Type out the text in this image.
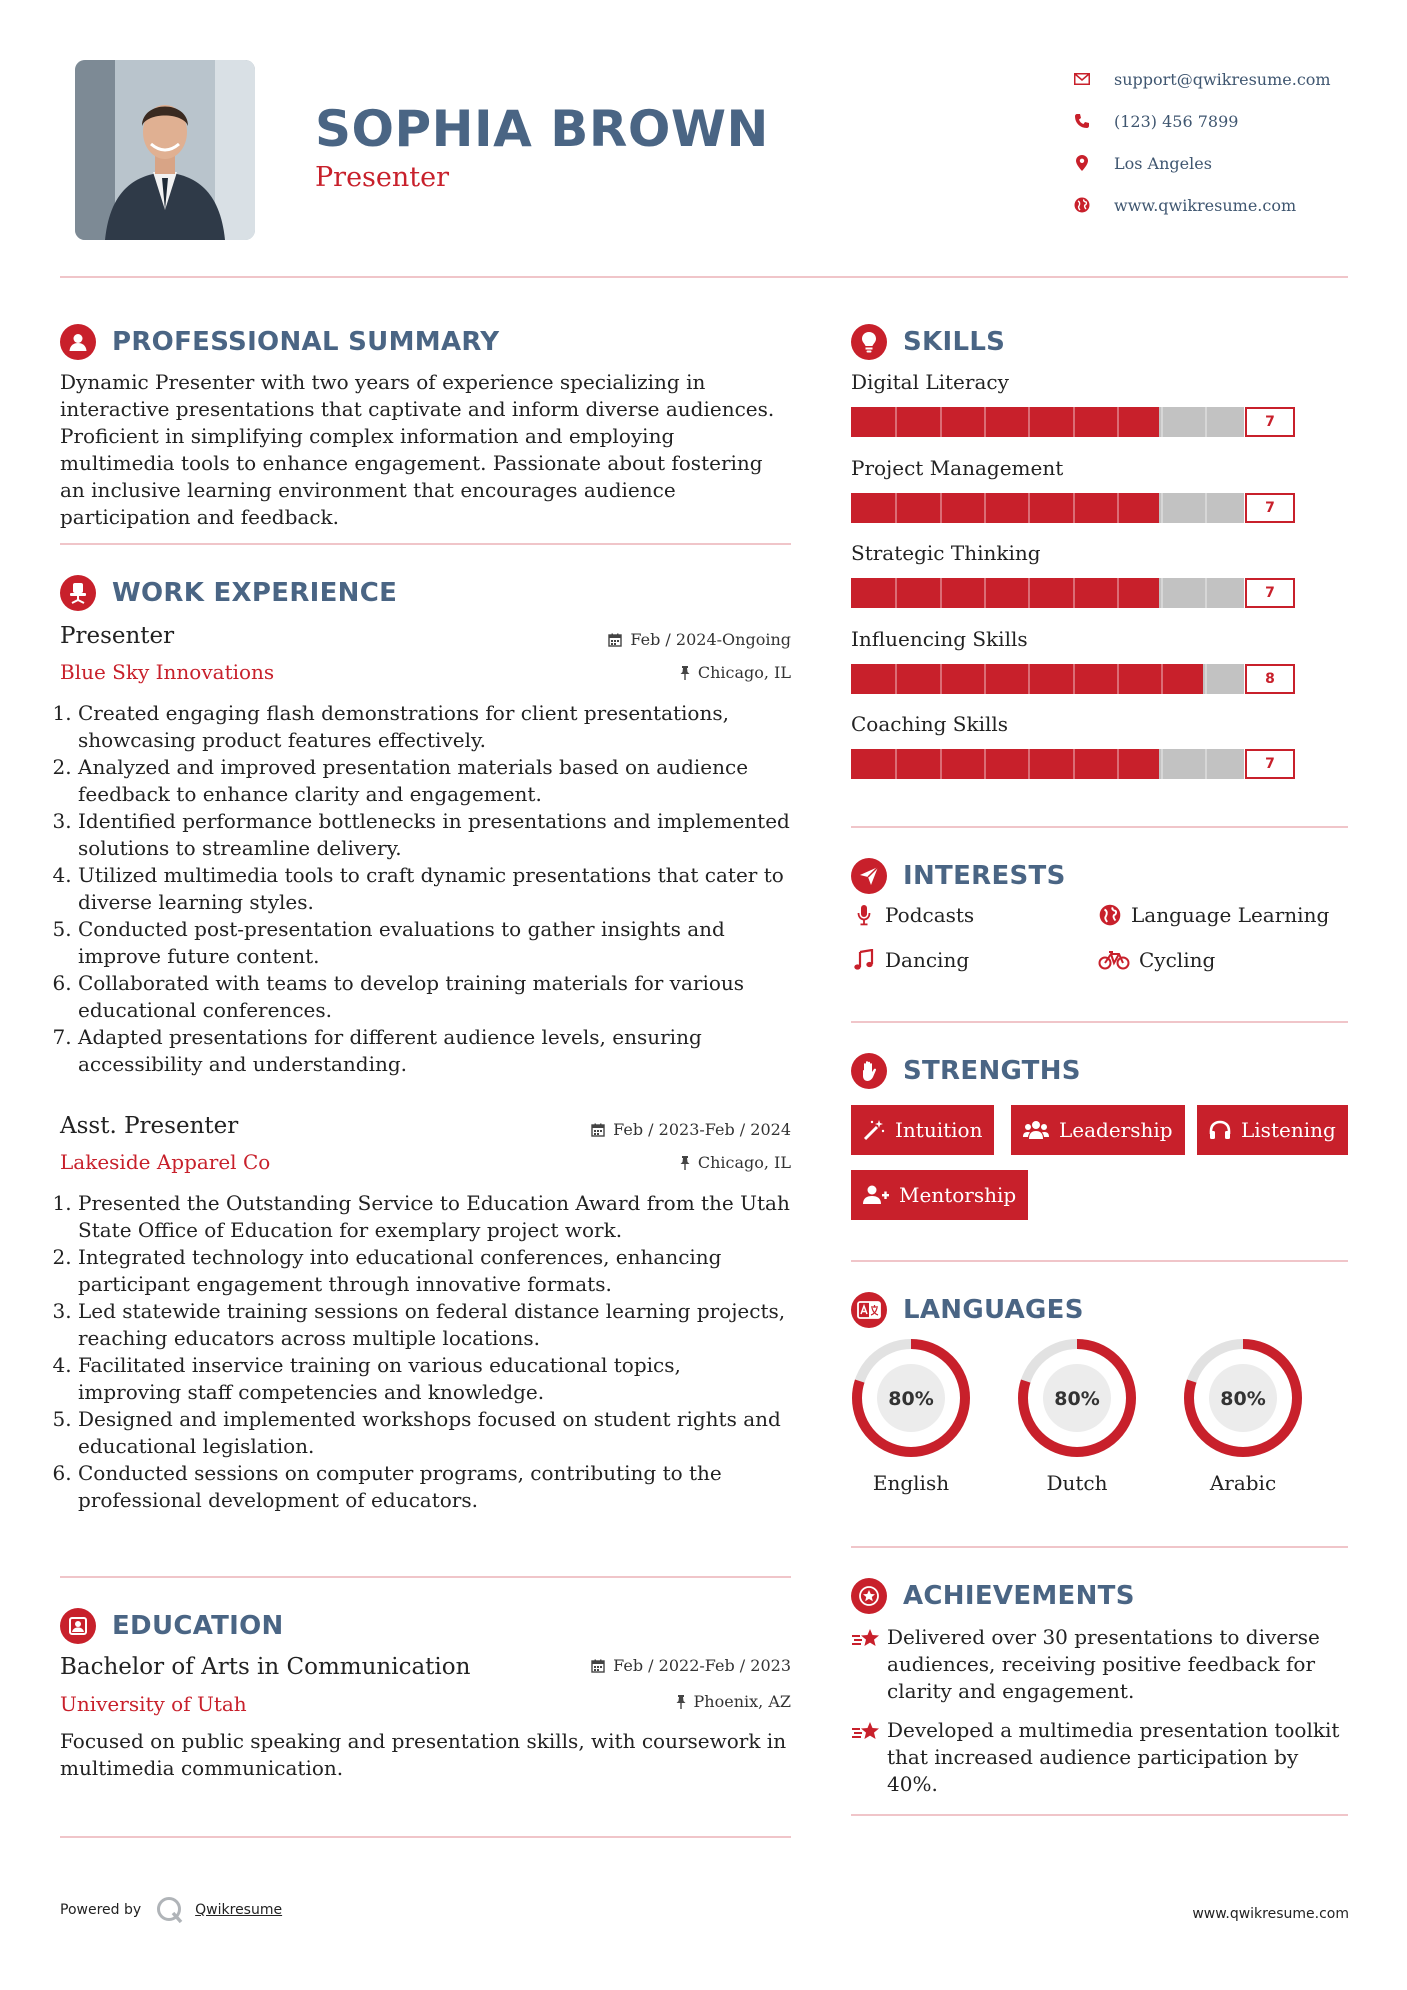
SOPHIA BROWN
Presenter
support@qwikresume.com
(123) 456 7899
Los Angeles
www.qwikresume.com
PROFESSIONAL SUMMARY
Dynamic Presenter with two years of experience specializing in interactive presentations that captivate and inform diverse audiences. Proficient in simplifying complex information and employing multimedia tools to enhance engagement. Passionate about fostering an inclusive learning environment that encourages audience participation and feedback.
WORK EXPERIENCE
Presenter	Feb / 2024-Ongoing
Blue Sky Innovations	Chicago, IL
1. Created engaging flash demonstrations for client presentations, showcasing product features effectively.
2. Analyzed and improved presentation materials based on audience feedback to enhance clarity and engagement.
3. Identified performance bottlenecks in presentations and implemented solutions to streamline delivery.
4. Utilized multimedia tools to craft dynamic presentations that cater to diverse learning styles.
5. Conducted post-presentation evaluations to gather insights and improve future content.
6. Collaborated with teams to develop training materials for various educational conferences.
7. Adapted presentations for different audience levels, ensuring accessibility and understanding.
Asst. Presenter	Feb / 2023-Feb / 2024
Lakeside Apparel Co	Chicago, IL
1. Presented the Outstanding Service to Education Award from the Utah State Office of Education for exemplary project work.
2. Integrated technology into educational conferences, enhancing participant engagement through innovative formats.
3. Led statewide training sessions on federal distance learning projects, reaching educators across multiple locations.
4. Facilitated inservice training on various educational topics, improving staff competencies and knowledge.
5. Designed and implemented workshops focused on student rights and educational legislation.
6. Conducted sessions on computer programs, contributing to the professional development of educators.
EDUCATION
Bachelor of Arts in Communication	Feb / 2022-Feb / 2023
University of Utah	Phoenix, AZ
Focused on public speaking and presentation skills, with coursework in multimedia communication.
SKILLS
Digital Literacy
7
Project Management
7
Strategic Thinking
7
Influencing Skills
8
Coaching Skills
7
INTERESTS
Podcasts	Language Learning
Dancing	Cycling
STRENGTHS
Intuition	Leadership	Listening
Mentorship
LANGUAGES
80%
English
80%
Dutch
80%
Arabic
ACHIEVEMENTS
Delivered over 30 presentations to diverse audiences, receiving positive feedback for clarity and engagement.
Developed a multimedia presentation toolkit that increased audience participation by 40%.
Powered by	Qwikresume	www.qwikresume.com
